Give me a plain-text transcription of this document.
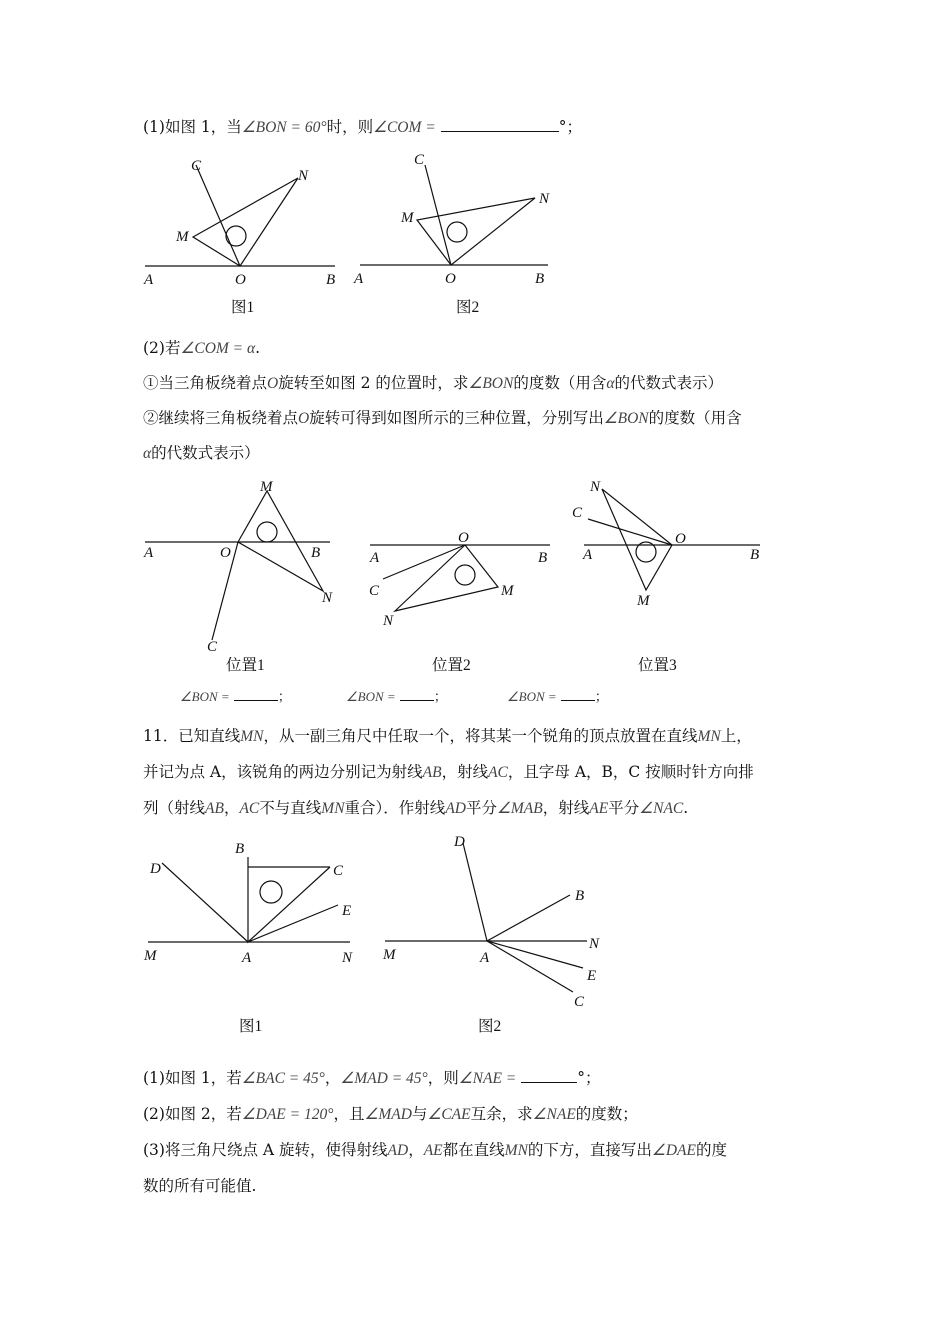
(1)如图 1，当∠BON = 60°时，则∠COM =	°；
C
N
M
A	O	B
图1
C
N
M
A	O	B
图2
(2)若∠COM = α.
①当三角板绕着点O旋转至如图 2 的位置时，求∠BON的度数（用含α的代数式表示）
②继续将三角板绕着点O旋转可得到如图所示的三种位置，分别写出∠BON的度数（用含
α的代数式表示）
M
A	O	B
N
C
位置1
O
A	B
C	M
N
位置2
N
C
O
A	B
M
位置3
∠BON =	；	∠BON =	；	∠BON =	；
11．已知直线MN，从一副三角尺中任取一个，将其某一个锐角的顶点放置在直线MN上，
并记为点 A，该锐角的两边分别记为射线AB，射线AC，且字母 A，B，C 按顺时针方向排
列（射线AB，AC不与直线MN重合）．作射线AD平分∠MAB，射线AE平分∠NAC.
B
D	C
E
M	A	N
图1
D
B
N
M	A
E
C
图2
(1)如图 1，若∠BAC = 45°，∠MAD = 45°，则∠NAE =	°；
(2)如图 2，若∠DAE = 120°，且∠MAD与∠CAE互余，求∠NAE的度数；
(3)将三角尺绕点 A 旋转，使得射线AD，AE都在直线MN的下方，直接写出∠DAE的度
数的所有可能值.
